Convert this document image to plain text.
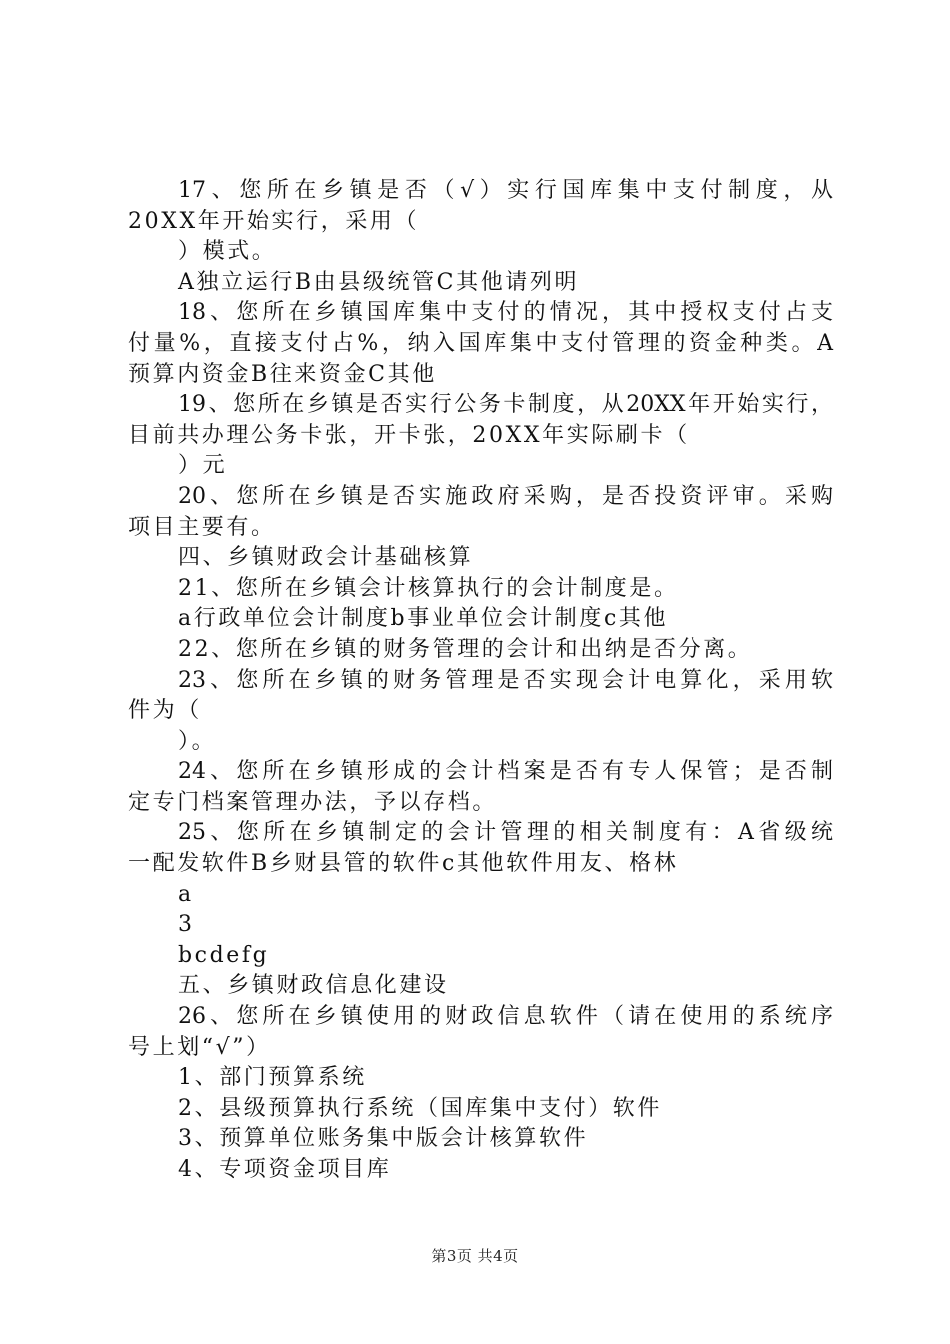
17、您所在乡镇是否（√）实行国库集中支付制度，从
20XX年开始实行，采用（
）模式。
A独立运行B由县级统管C其他请列明
18、您所在乡镇国库集中支付的情况，其中授权支付占支
付量%，直接支付占%，纳入国库集中支付管理的资金种类。A
预算内资金B往来资金C其他
19、您所在乡镇是否实行公务卡制度，从20XX年开始实行，
目前共办理公务卡张，开卡张，20XX年实际刷卡（
）元
20、您所在乡镇是否实施政府采购，是否投资评审。采购
项目主要有。
四、乡镇财政会计基础核算
21、您所在乡镇会计核算执行的会计制度是。
a行政单位会计制度b事业单位会计制度c其他
22、您所在乡镇的财务管理的会计和出纳是否分离。
23、您所在乡镇的财务管理是否实现会计电算化，采用软
件为（
）。
24、您所在乡镇形成的会计档案是否有专人保管；是否制
定专门档案管理办法，予以存档。
25、您所在乡镇制定的会计管理的相关制度有：A省级统
一配发软件B乡财县管的软件c其他软件用友、格林
a
3
bcdefg
五、乡镇财政信息化建设
26、您所在乡镇使用的财政信息软件（请在使用的系统序
号上划“√”）
1、部门预算系统
2、县级预算执行系统（国库集中支付）软件
3、预算单位账务集中版会计核算软件
4、专项资金项目库
第3页 共4页
